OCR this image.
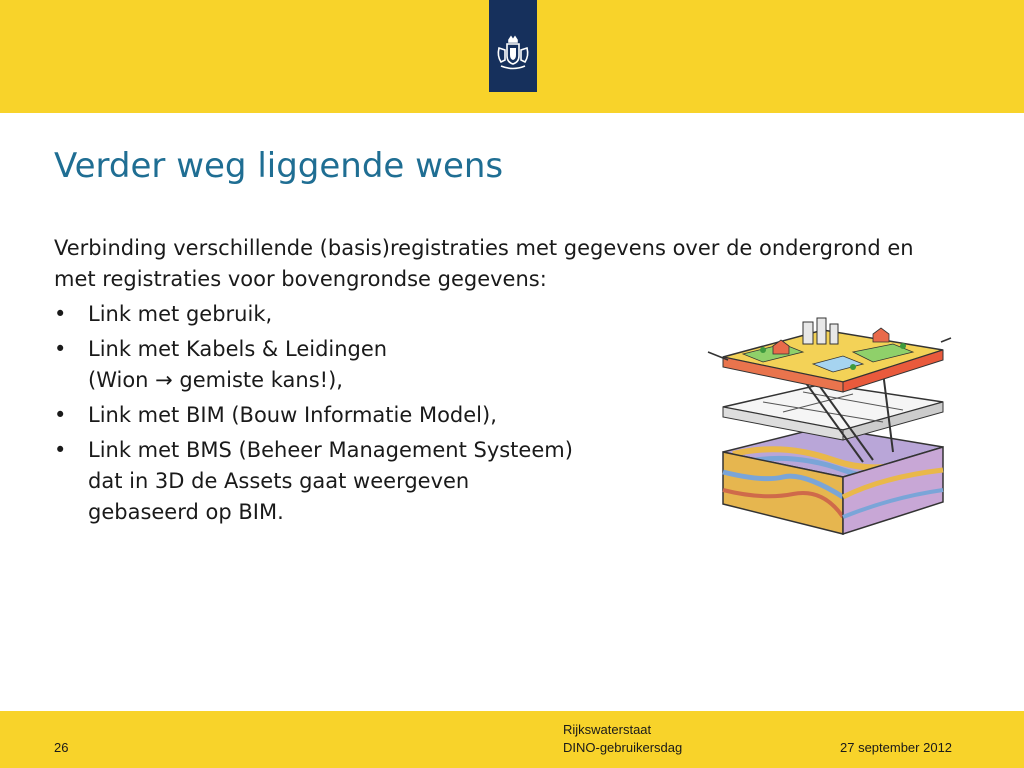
Verder weg liggende wens

Verbinding verschillende (basis)registraties met gegevens over de ondergrond en met registraties voor bovengrondse gegevens:

• Link met gebruik,
• Link met Kabels & Leidingen
(Wion → gemiste kans!),
• Link met BIM (Bouw Informatie Model),
• Link met BMS (Beheer Management Systeem)
dat in 3D de Assets gaat weergeven gebaseerd op BIM.
26
Rijkswaterstaat
DINO-gebruikersdag	27 september 2012
